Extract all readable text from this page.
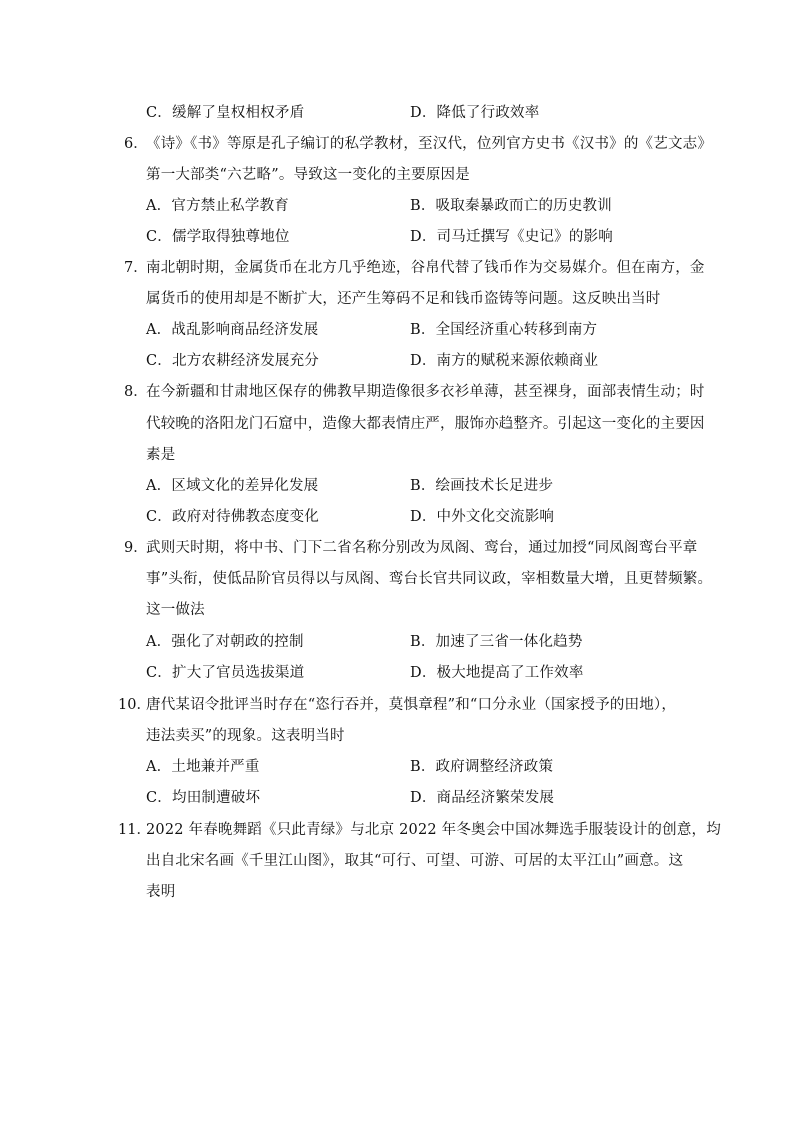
C．缓解了皇权相权矛盾	D．降低了行政效率
6．
《诗》《书》等原是孔子编订的私学教材，至汉代，位列官方史书《汉书》的《艺文志》
第一大部类“六艺略”。导致这一变化的主要原因是
A．官方禁止私学教育	B．吸取秦暴政而亡的历史教训
C．儒学取得独尊地位	D．司马迁撰写《史记》的影响
7．
南北朝时期，金属货币在北方几乎绝迹，谷帛代替了钱币作为交易媒介。但在南方，金
属货币的使用却是不断扩大，还产生筹码不足和钱币盗铸等问题。这反映出当时
A．战乱影响商品经济发展	B．全国经济重心转移到南方
C．北方农耕经济发展充分	D．南方的赋税来源依赖商业
8．
在今新疆和甘肃地区保存的佛教早期造像很多衣衫单薄，甚至裸身，面部表情生动；时
代较晚的洛阳龙门石窟中，造像大都表情庄严，服饰亦趋整齐。引起这一变化的主要因
素是
A．区域文化的差异化发展	B．绘画技术长足进步
C．政府对待佛教态度变化	D．中外文化交流影响
9．
武则天时期，将中书、门下二省名称分别改为凤阁、鸾台，通过加授“同凤阁鸾台平章
事”头衔，使低品阶官员得以与凤阁、鸾台长官共同议政，宰相数量大增，且更替频繁。
这一做法
A．强化了对朝政的控制	B．加速了三省一体化趋势
C．扩大了官员选拔渠道	D．极大地提高了工作效率
10．
唐代某诏令批评当时存在“恣行吞并，莫惧章程”和“口分永业（国家授予的田地），
违法卖买”的现象。这表明当时
A．土地兼并严重	B．政府调整经济政策
C．均田制遭破坏	D．商品经济繁荣发展
11．
2022 年春晚舞蹈《只此青绿》与北京 2022 年冬奥会中国冰舞选手服装设计的创意，均
出自北宋名画《千里江山图》，取其“可行、可望、可游、可居的太平江山”画意。这
表明
